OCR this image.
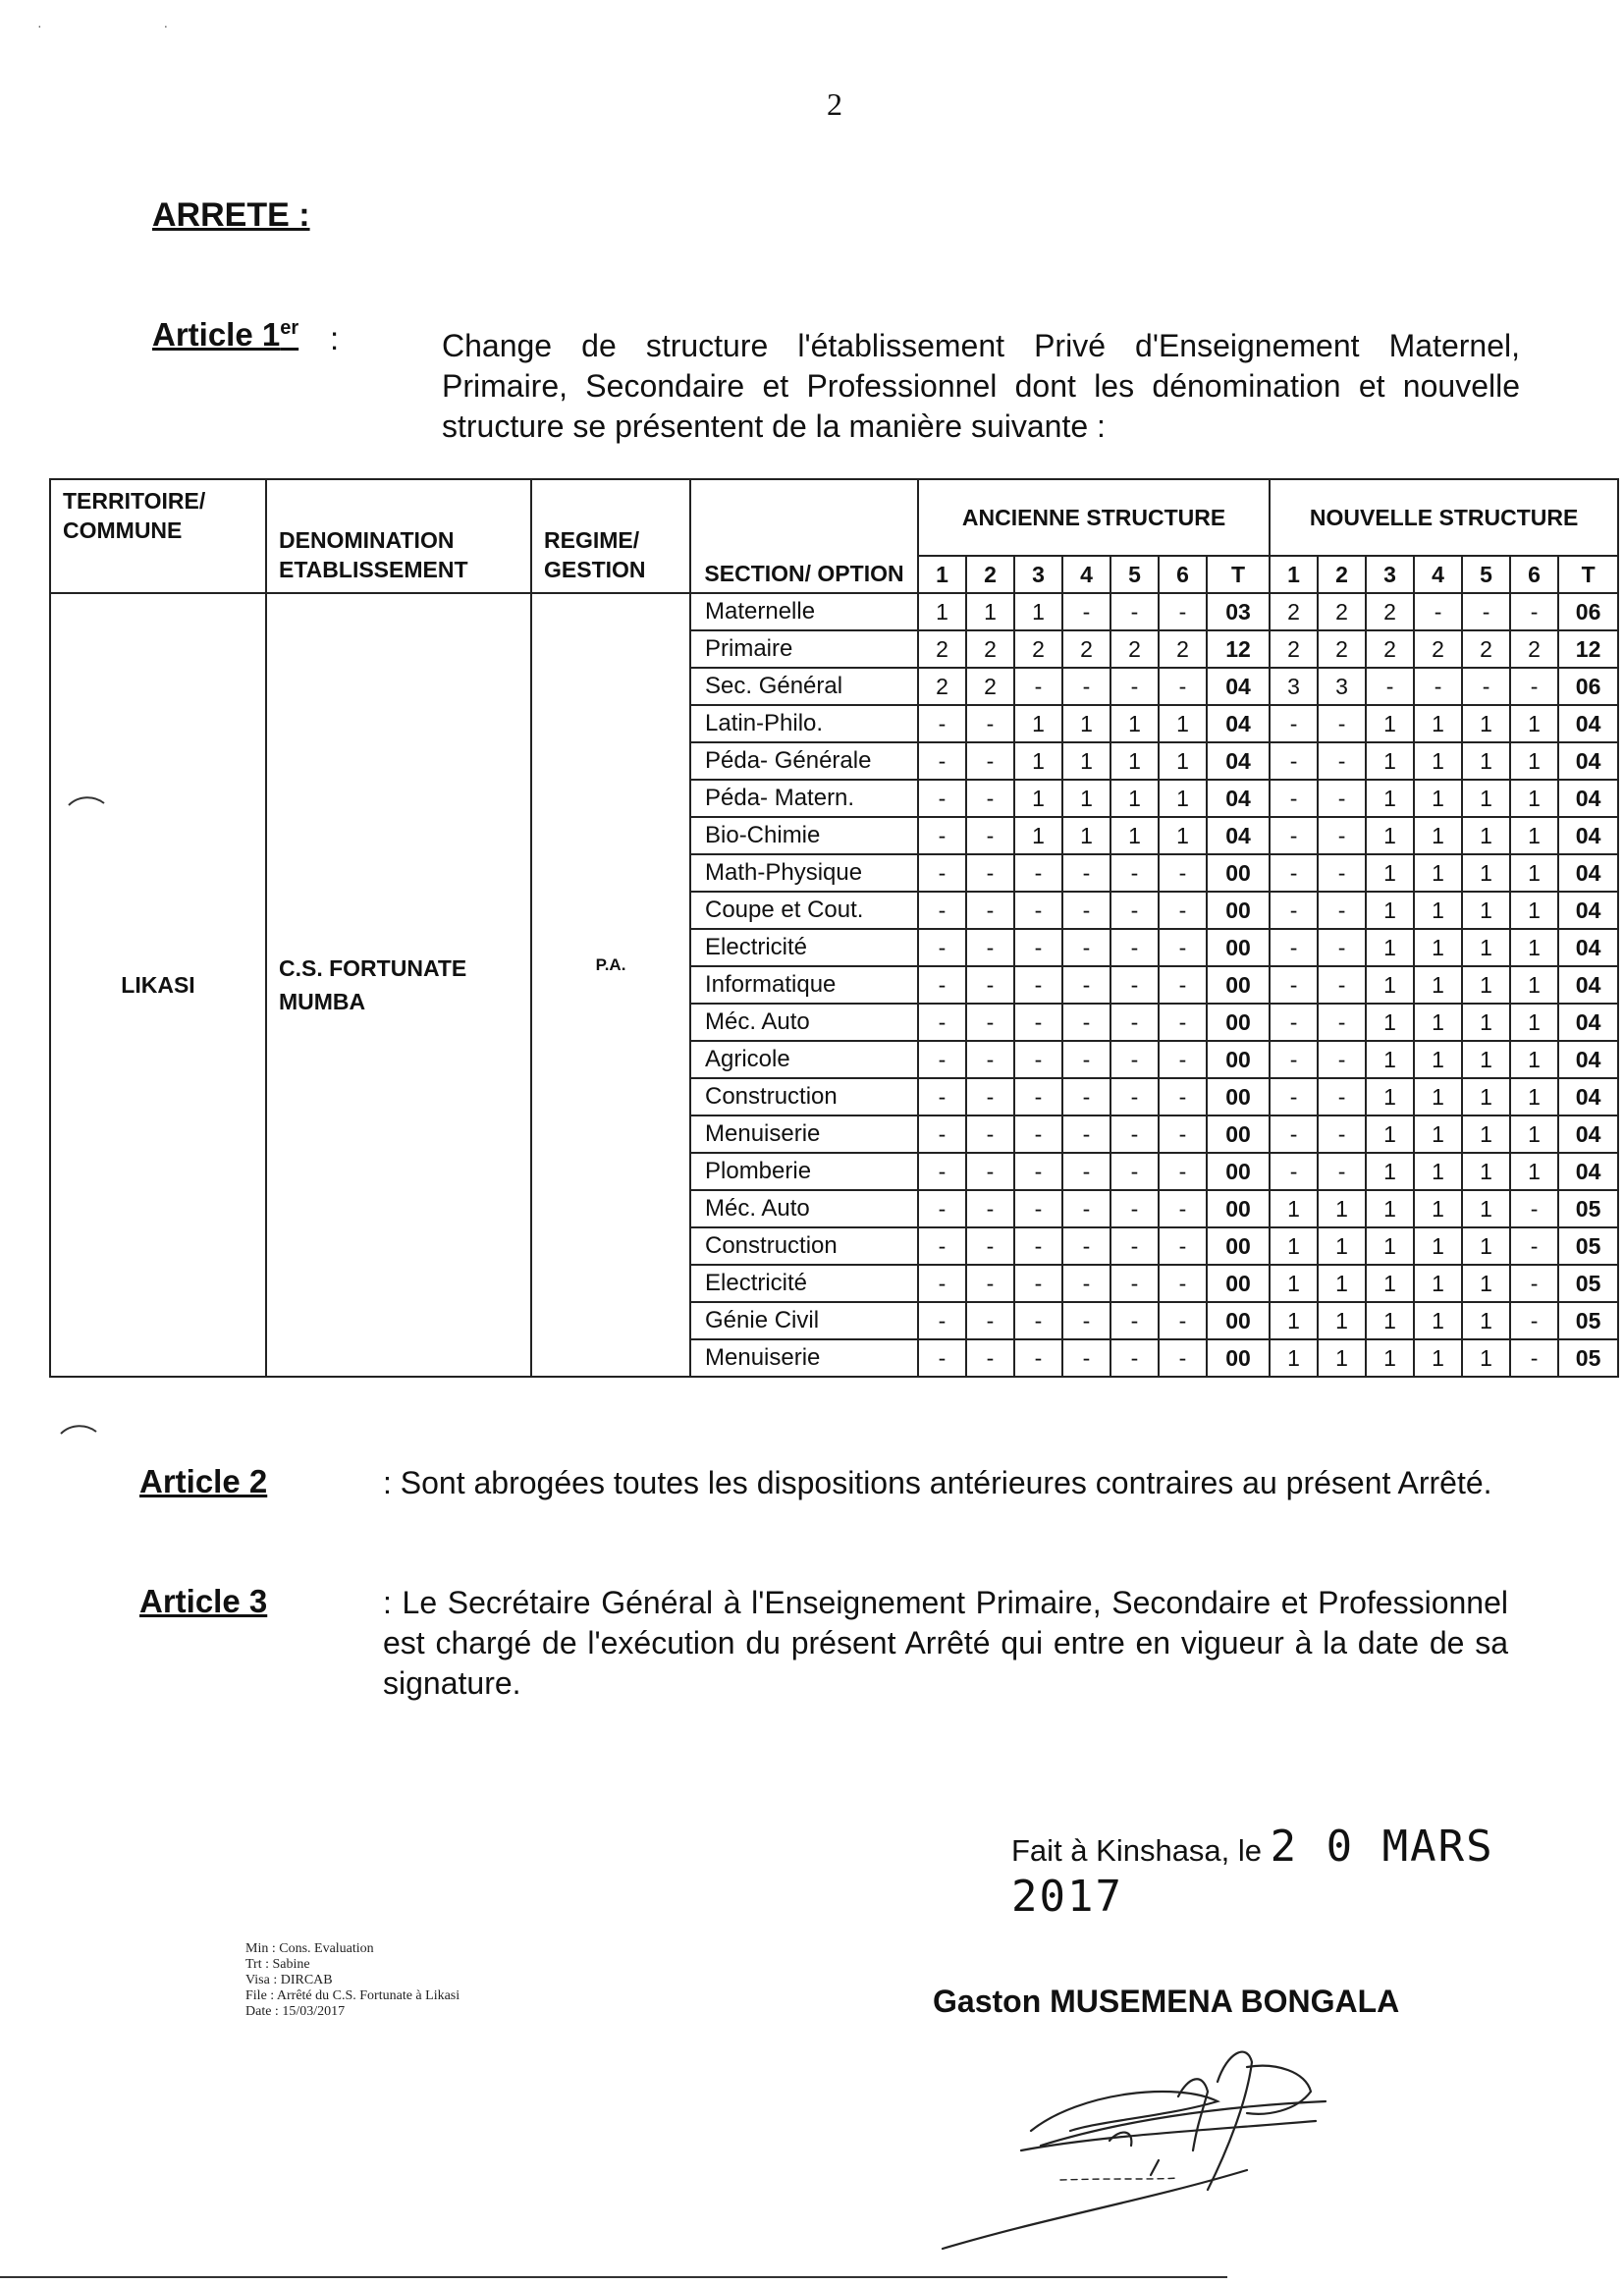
· ·
2
ARRETE :
Article 1er :	Change de structure l'établissement Privé d'Enseignement Maternel, Primaire, Secondaire et Professionnel dont les dénomination et nouvelle structure se présentent de la manière suivante :
TERRITOIRE/ COMMUNE	DENOMINATION ETABLISSEMENT	REGIME/ GESTION	SECTION/ OPTION	ANCIENNE STRUCTURE							NOUVELLE STRUCTURE						
				1	2	3	4	5	6	T	1	2	3	4	5	6	T
LIKASI	C.S. FORTUNATE MUMBA	P.A.	Maternelle	1	1	1	-	-	-	03	2	2	2	-	-	-	06
			Primaire	2	2	2	2	2	2	12	2	2	2	2	2	2	12
			Sec. Général	2	2	-	-	-	-	04	3	3	-	-	-	-	06
			Latin-Philo.	-	-	1	1	1	1	04	-	-	1	1	1	1	04
			Péda- Générale	-	-	1	1	1	1	04	-	-	1	1	1	1	04
			Péda- Matern.	-	-	1	1	1	1	04	-	-	1	1	1	1	04
			Bio-Chimie	-	-	1	1	1	1	04	-	-	1	1	1	1	04
			Math-Physique	-	-	-	-	-	-	00	-	-	1	1	1	1	04
			Coupe et Cout.	-	-	-	-	-	-	00	-	-	1	1	1	1	04
			Electricité	-	-	-	-	-	-	00	-	-	1	1	1	1	04
			Informatique	-	-	-	-	-	-	00	-	-	1	1	1	1	04
			Méc. Auto	-	-	-	-	-	-	00	-	-	1	1	1	1	04
			Agricole	-	-	-	-	-	-	00	-	-	1	1	1	1	04
			Construction	-	-	-	-	-	-	00	-	-	1	1	1	1	04
			Menuiserie	-	-	-	-	-	-	00	-	-	1	1	1	1	04
			Plomberie	-	-	-	-	-	-	00	-	-	1	1	1	1	04
			Méc. Auto	-	-	-	-	-	-	00	1	1	1	1	1	-	05
			Construction	-	-	-	-	-	-	00	1	1	1	1	1	-	05
			Electricité	-	-	-	-	-	-	00	1	1	1	1	1	-	05
			Génie Civil	-	-	-	-	-	-	00	1	1	1	1	1	-	05
			Menuiserie	-	-	-	-	-	-	00	1	1	1	1	1	-	05
Article 2	: Sont abrogées toutes les dispositions antérieures contraires au présent Arrêté.
Article 3	: Le Secrétaire Général à l'Enseignement Primaire, Secondaire et Professionnel est chargé de l'exécution du présent Arrêté qui entre en vigueur à la date de sa signature.
Fait à Kinshasa, le 2 0 MARS 2017
Min : Cons. Evaluation
Trt : Sabine
Visa : DIRCAB
File : Arrêté du C.S. Fortunate à Likasi
Date : 15/03/2017	Gaston MUSEMENA BONGALA
